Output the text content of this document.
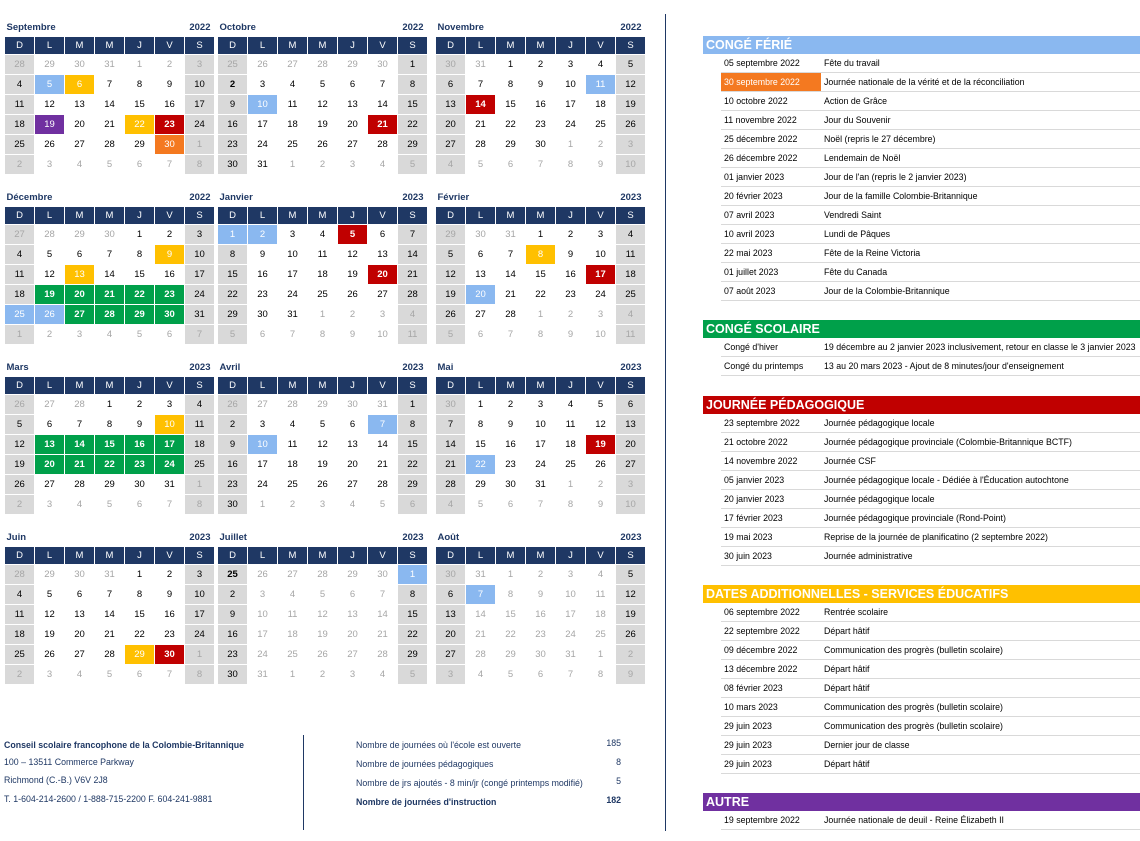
Septembre				2022		
D	L	M	M	J	V	S
28	29	30	31	1	2	3
4	5	6	7	8	9	10
11	12	13	14	15	16	17
18	19	20	21	22	23	24
25	26	27	28	29	30	1
2	3	4	5	6	7	8
Octobre				2022		
D	L	M	M	J	V	S
25	26	27	28	29	30	1
2	3	4	5	6	7	8
9	10	11	12	13	14	15
16	17	18	19	20	21	22
23	24	25	26	27	28	29
30	31	1	2	3	4	5
Novembre				2022		
D	L	M	M	J	V	S
30	31	1	2	3	4	5
6	7	8	9	10	11	12
13	14	15	16	17	18	19
20	21	22	23	24	25	26
27	28	29	30	1	2	3
4	5	6	7	8	9	10
Décembre				2022		
D	L	M	M	J	V	S
27	28	29	30	1	2	3
4	5	6	7	8	9	10
11	12	13	14	15	16	17
18	19	20	21	22	23	24
25	26	27	28	29	30	31
1	2	3	4	5	6	7
Janvier				2023		
D	L	M	M	J	V	S
1	2	3	4	5	6	7
8	9	10	11	12	13	14
15	16	17	18	19	20	21
22	23	24	25	26	27	28
29	30	31	1	2	3	4
5	6	7	8	9	10	11
Février				2023		
D	L	M	M	J	V	S
29	30	31	1	2	3	4
5	6	7	8	9	10	11
12	13	14	15	16	17	18
19	20	21	22	23	24	25
26	27	28	1	2	3	4
5	6	7	8	9	10	11
Mars				2023		
D	L	M	M	J	V	S
26	27	28	1	2	3	4
5	6	7	8	9	10	11
12	13	14	15	16	17	18
19	20	21	22	23	24	25
26	27	28	29	30	31	1
2	3	4	5	6	7	8
Avril				2023		
D	L	M	M	J	V	S
26	27	28	29	30	31	1
2	3	4	5	6	7	8
9	10	11	12	13	14	15
16	17	18	19	20	21	22
23	24	25	26	27	28	29
30	1	2	3	4	5	6
Mai				2023		
D	L	M	M	J	V	S
30	1	2	3	4	5	6
7	8	9	10	11	12	13
14	15	16	17	18	19	20
21	22	23	24	25	26	27
28	29	30	31	1	2	3
4	5	6	7	8	9	10
Juin				2023		
D	L	M	M	J	V	S
28	29	30	31	1	2	3
4	5	6	7	8	9	10
11	12	13	14	15	16	17
18	19	20	21	22	23	24
25	26	27	28	29	30	1
2	3	4	5	6	7	8
Juillet				2023		
D	L	M	M	J	V	S
25	26	27	28	29	30	1
2	3	4	5	6	7	8
9	10	11	12	13	14	15
16	17	18	19	20	21	22
23	24	25	26	27	28	29
30	31	1	2	3	4	5
Août				2023		
D	L	M	M	J	V	S
30	31	1	2	3	4	5
6	7	8	9	10	11	12
13	14	15	16	17	18	19
20	21	22	23	24	25	26
27	28	29	30	31	1	2
3	4	5	6	7	8	9
CONGÉ FÉRIÉ
05 septembre 2022	Fête du travail
30 septembre 2022	Journée nationale de la vérité et de la réconciliation
10 octobre 2022	Action de Grâce
11 novembre 2022	Jour du Souvenir
25 décembre 2022	Noël (repris le 27 décembre)
26 décembre 2022	Lendemain de Noël
01 janvier 2023	Jour de l'an (repris le 2 janvier 2023)
20 février 2023	Jour de la famille Colombie-Britannique
07 avril 2023	Vendredi Saint
10 avril 2023	Lundi de Pâques
22 mai 2023	Fête de la Reine Victoria
01 juillet 2023	Fête du Canada
07 août 2023	Jour de la Colombie-Britannique
CONGÉ SCOLAIRE
Congé d'hiver	19 décembre au 2 janvier 2023 inclusivement, retour en classe le 3 janvier 2023
Congé du printemps	13 au 20 mars 2023 - Ajout de 8 minutes/jour d'enseignement
JOURNÉE PÉDAGOGIQUE
23 septembre 2022	Journée pédagogique locale
21 octobre 2022	Journée pédagogique provinciale (Colombie-Britannique BCTF)
14 novembre 2022	Journée CSF
05 janvier 2023	Journée pédagogique locale - Dédiée à l'Éducation autochtone
20 janvier 2023	Journée pédagogique locale
17 février 2023	Journée pédagogique provinciale (Rond-Point)
19 mai 2023	Reprise de la journée de planificatino (2 septembre 2022)
30 juin 2023	Journée administrative
DATES ADDITIONNELLES - SERVICES ÉDUCATIFS
06 septembre 2022	Rentrée scolaire
22 septembre 2022	Départ hâtif
09 décembre 2022	Communication des progrès (bulletin scolaire)
13 décembre 2022	Départ hâtif
08 février 2023	Départ hâtif
10 mars 2023	Communication des progrès (bulletin scolaire)
29 juin 2023	Communication des progrès (bulletin scolaire)
29 juin 2023	Dernier jour de classe
29 juin 2023	Départ hâtif
AUTRE
19 septembre 2022	Journée nationale de deuil - Reine Élizabeth II
Conseil scolaire francophone de la Colombie-Britannique
100 – 13511 Commerce Parkway
Richmond (C.-B.) V6V 2J8
T. 1-604-214-2600 / 1-888-715-2200 F. 604-241-9881
Nombre de journées où l'école est ouverte	185
Nombre de journées pédagogiques	8
Nombre de jrs ajoutés - 8 min/jr (congé printemps modifié)	5
Nombre de journées d'instruction	182
